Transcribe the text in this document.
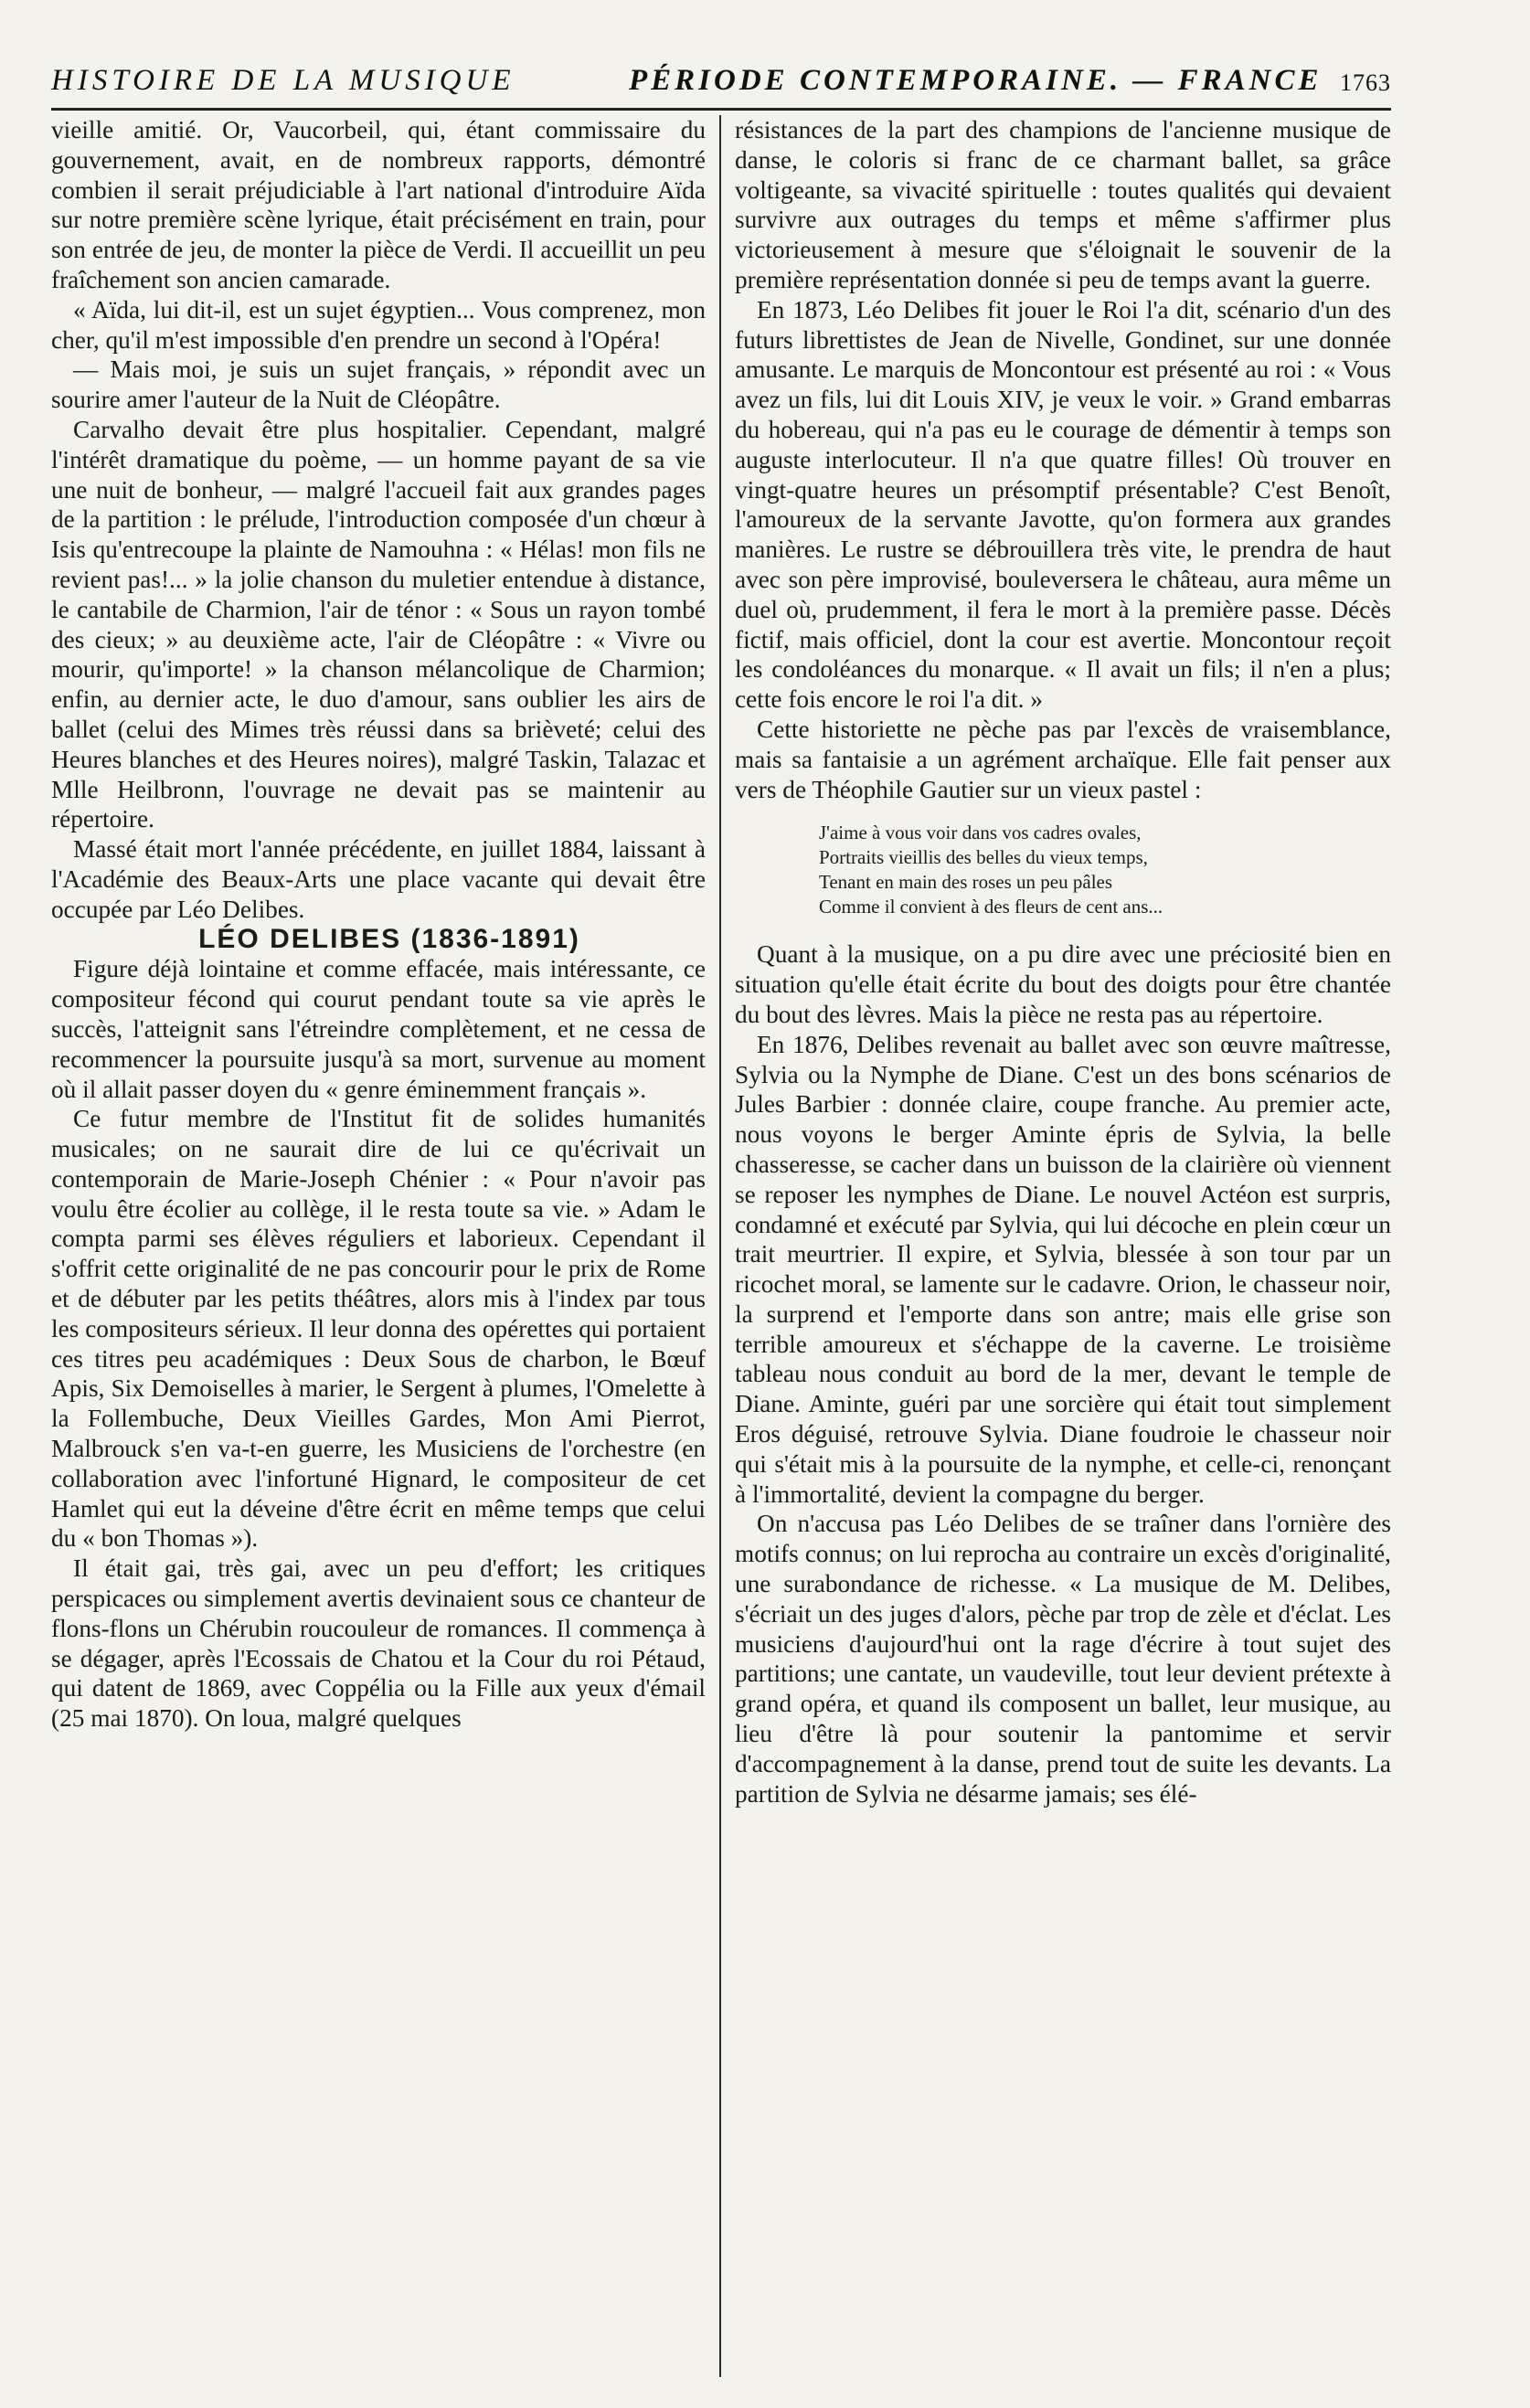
HISTOIRE DE LA MUSIQUE	PÉRIODE CONTEMPORAINE. — FRANCE 1763

vieille amitié. Or, Vaucorbeil, qui, étant commissaire du gouvernement, avait, en de nombreux rapports, démontré combien il serait préjudiciable à l'art national d'introduire Aïda sur notre première scène lyrique, était précisément en train, pour son entrée de jeu, de monter la pièce de Verdi. Il accueillit un peu fraîchement son ancien camarade.

« Aïda, lui dit-il, est un sujet égyptien... Vous comprenez, mon cher, qu'il m'est impossible d'en prendre un second à l'Opéra!

— Mais moi, je suis un sujet français, » répondit avec un sourire amer l'auteur de la Nuit de Cléopâtre.

Carvalho devait être plus hospitalier. Cependant, malgré l'intérêt dramatique du poème, — un homme payant de sa vie une nuit de bonheur, — malgré l'accueil fait aux grandes pages de la partition : le prélude, l'introduction composée d'un chœur à Isis qu'entrecoupe la plainte de Namouhna : « Hélas! mon fils ne revient pas!... » la jolie chanson du muletier entendue à distance, le cantabile de Charmion, l'air de ténor : « Sous un rayon tombé des cieux; » au deuxième acte, l'air de Cléopâtre : « Vivre ou mourir, qu'importe! » la chanson mélancolique de Charmion; enfin, au dernier acte, le duo d'amour, sans oublier les airs de ballet (celui des Mimes très réussi dans sa brièveté; celui des Heures blanches et des Heures noires), malgré Taskin, Talazac et Mlle Heilbronn, l'ouvrage ne devait pas se maintenir au répertoire.

Massé était mort l'année précédente, en juillet 1884, laissant à l'Académie des Beaux-Arts une place vacante qui devait être occupée par Léo Delibes.

LÉO DELIBES (1836-1891)

Figure déjà lointaine et comme effacée, mais intéressante, ce compositeur fécond qui courut pendant toute sa vie après le succès, l'atteignit sans l'étreindre complètement, et ne cessa de recommencer la poursuite jusqu'à sa mort, survenue au moment où il allait passer doyen du « genre éminemment français ».

Ce futur membre de l'Institut fit de solides humanités musicales; on ne saurait dire de lui ce qu'écrivait un contemporain de Marie-Joseph Chénier : « Pour n'avoir pas voulu être écolier au collège, il le resta toute sa vie. » Adam le compta parmi ses élèves réguliers et laborieux. Cependant il s'offrit cette originalité de ne pas concourir pour le prix de Rome et de débuter par les petits théâtres, alors mis à l'index par tous les compositeurs sérieux. Il leur donna des opérettes qui portaient ces titres peu académiques : Deux Sous de charbon, le Bœuf Apis, Six Demoiselles à marier, le Sergent à plumes, l'Omelette à la Follembuche, Deux Vieilles Gardes, Mon Ami Pierrot, Malbrouck s'en va-t-en guerre, les Musiciens de l'orchestre (en collaboration avec l'infortuné Hignard, le compositeur de cet Hamlet qui eut la déveine d'être écrit en même temps que celui du « bon Thomas »).

Il était gai, très gai, avec un peu d'effort; les critiques perspicaces ou simplement avertis devinaient sous ce chanteur de flons-flons un Chérubin roucouleur de romances. Il commença à se dégager, après l'Ecossais de Chatou et la Cour du roi Pétaud, qui datent de 1869, avec Coppélia ou la Fille aux yeux d'émail (25 mai 1870). On loua, malgré quelques

résistances de la part des champions de l'ancienne musique de danse, le coloris si franc de ce charmant ballet, sa grâce voltigeante, sa vivacité spirituelle : toutes qualités qui devaient survivre aux outrages du temps et même s'affirmer plus victorieusement à mesure que s'éloignait le souvenir de la première représentation donnée si peu de temps avant la guerre.

En 1873, Léo Delibes fit jouer le Roi l'a dit, scénario d'un des futurs librettistes de Jean de Nivelle, Gondinet, sur une donnée amusante. Le marquis de Moncontour est présenté au roi : « Vous avez un fils, lui dit Louis XIV, je veux le voir. » Grand embarras du hobereau, qui n'a pas eu le courage de démentir à temps son auguste interlocuteur. Il n'a que quatre filles! Où trouver en vingt-quatre heures un présomptif présentable? C'est Benoît, l'amoureux de la servante Javotte, qu'on formera aux grandes manières. Le rustre se débrouillera très vite, le prendra de haut avec son père improvisé, bouleversera le château, aura même un duel où, prudemment, il fera le mort à la première passe. Décès fictif, mais officiel, dont la cour est avertie. Moncontour reçoit les condoléances du monarque. « Il avait un fils; il n'en a plus; cette fois encore le roi l'a dit. »

Cette historiette ne pèche pas par l'excès de vraisemblance, mais sa fantaisie a un agrément archaïque. Elle fait penser aux vers de Théophile Gautier sur un vieux pastel :

J'aime à vous voir dans vos cadres ovales,
Portraits vieillis des belles du vieux temps,
Tenant en main des roses un peu pâles
Comme il convient à des fleurs de cent ans...

Quant à la musique, on a pu dire avec une préciosité bien en situation qu'elle était écrite du bout des doigts pour être chantée du bout des lèvres. Mais la pièce ne resta pas au répertoire.

En 1876, Delibes revenait au ballet avec son œuvre maîtresse, Sylvia ou la Nymphe de Diane. C'est un des bons scénarios de Jules Barbier : donnée claire, coupe franche. Au premier acte, nous voyons le berger Aminte épris de Sylvia, la belle chasseresse, se cacher dans un buisson de la clairière où viennent se reposer les nymphes de Diane. Le nouvel Actéon est surpris, condamné et exécuté par Sylvia, qui lui décoche en plein cœur un trait meurtrier. Il expire, et Sylvia, blessée à son tour par un ricochet moral, se lamente sur le cadavre. Orion, le chasseur noir, la surprend et l'emporte dans son antre; mais elle grise son terrible amoureux et s'échappe de la caverne. Le troisième tableau nous conduit au bord de la mer, devant le temple de Diane. Aminte, guéri par une sorcière qui était tout simplement Eros déguisé, retrouve Sylvia. Diane foudroie le chasseur noir qui s'était mis à la poursuite de la nymphe, et celle-ci, renonçant à l'immortalité, devient la compagne du berger.

On n'accusa pas Léo Delibes de se traîner dans l'ornière des motifs connus; on lui reprocha au contraire un excès d'originalité, une surabondance de richesse. « La musique de M. Delibes, s'écriait un des juges d'alors, pèche par trop de zèle et d'éclat. Les musiciens d'aujourd'hui ont la rage d'écrire à tout sujet des partitions; une cantate, un vaudeville, tout leur devient prétexte à grand opéra, et quand ils composent un ballet, leur musique, au lieu d'être là pour soutenir la pantomime et servir d'accompagnement à la danse, prend tout de suite les devants. La partition de Sylvia ne désarme jamais; ses élé-
